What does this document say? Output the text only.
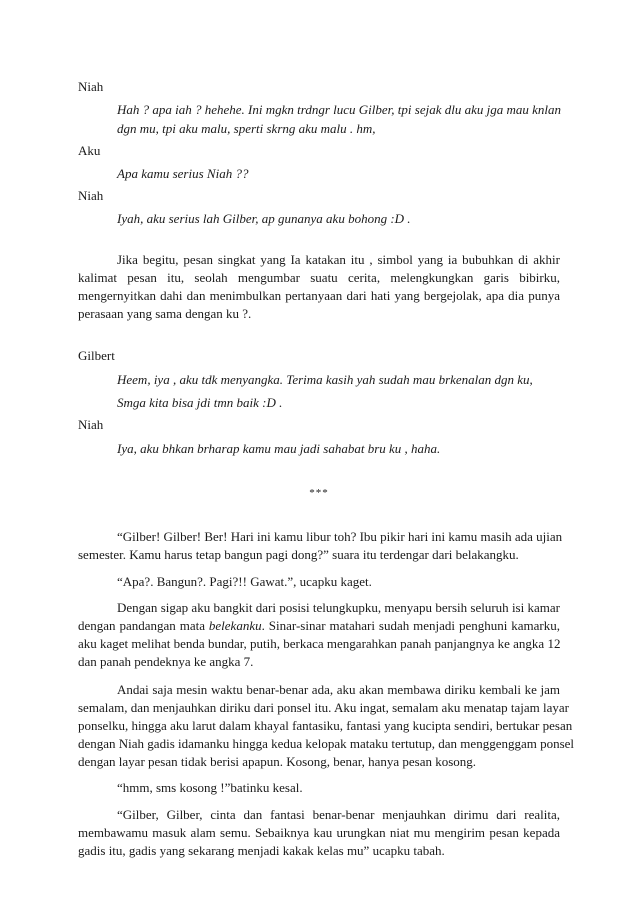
Niah
Hah ? apa iah ? hehehe. Ini mgkn trdngr lucu Gilber, tpi sejak dlu aku jga mau knlan
dgn mu, tpi aku malu, sperti skrng aku malu . hm,
Aku
Apa kamu serius Niah ??
Niah
Iyah, aku serius lah Gilber, ap gunanya aku bohong :D .
Jika begitu, pesan singkat yang Ia katakan itu , simbol yang ia bubuhkan di akhir
kalimat pesan itu, seolah mengumbar suatu cerita, melengkungkan garis bibirku,
mengernyitkan dahi dan menimbulkan pertanyaan dari hati yang bergejolak, apa dia punya
perasaan yang sama dengan ku ?.
Gilbert
Heem, iya , aku tdk menyangka. Terima kasih yah sudah mau brkenalan dgn ku,
Smga kita bisa jdi tmn baik :D .
Niah
Iya, aku bhkan brharap kamu mau jadi sahabat bru ku , haha.
***
“Gilber! Gilber! Ber! Hari ini kamu libur toh? Ibu pikir hari ini kamu masih ada ujian
semester. Kamu harus tetap bangun pagi dong?” suara itu terdengar dari belakangku.
“Apa?. Bangun?. Pagi?!! Gawat.”, ucapku kaget.
Dengan sigap aku bangkit dari posisi telungkupku, menyapu bersih seluruh isi kamar
dengan pandangan mata belekanku. Sinar-sinar matahari sudah menjadi penghuni kamarku,
aku kaget melihat benda bundar, putih, berkaca mengarahkan panah panjangnya ke angka 12
dan panah pendeknya ke angka 7.
Andai saja mesin waktu benar-benar ada, aku akan membawa diriku kembali ke jam
semalam, dan menjauhkan diriku dari ponsel itu. Aku ingat, semalam aku menatap tajam layar
ponselku, hingga aku larut dalam khayal fantasiku, fantasi yang kucipta sendiri, bertukar pesan
dengan Niah gadis idamanku hingga kedua kelopak mataku tertutup, dan menggenggam ponsel
dengan layar pesan tidak berisi apapun. Kosong, benar, hanya pesan kosong.
“hmm, sms kosong !”batinku kesal.
“Gilber, Gilber, cinta dan fantasi benar-benar menjauhkan dirimu dari realita,
membawamu masuk alam semu. Sebaiknya kau urungkan niat mu mengirim pesan kepada
gadis itu, gadis yang sekarang menjadi kakak kelas mu” ucapku tabah.
